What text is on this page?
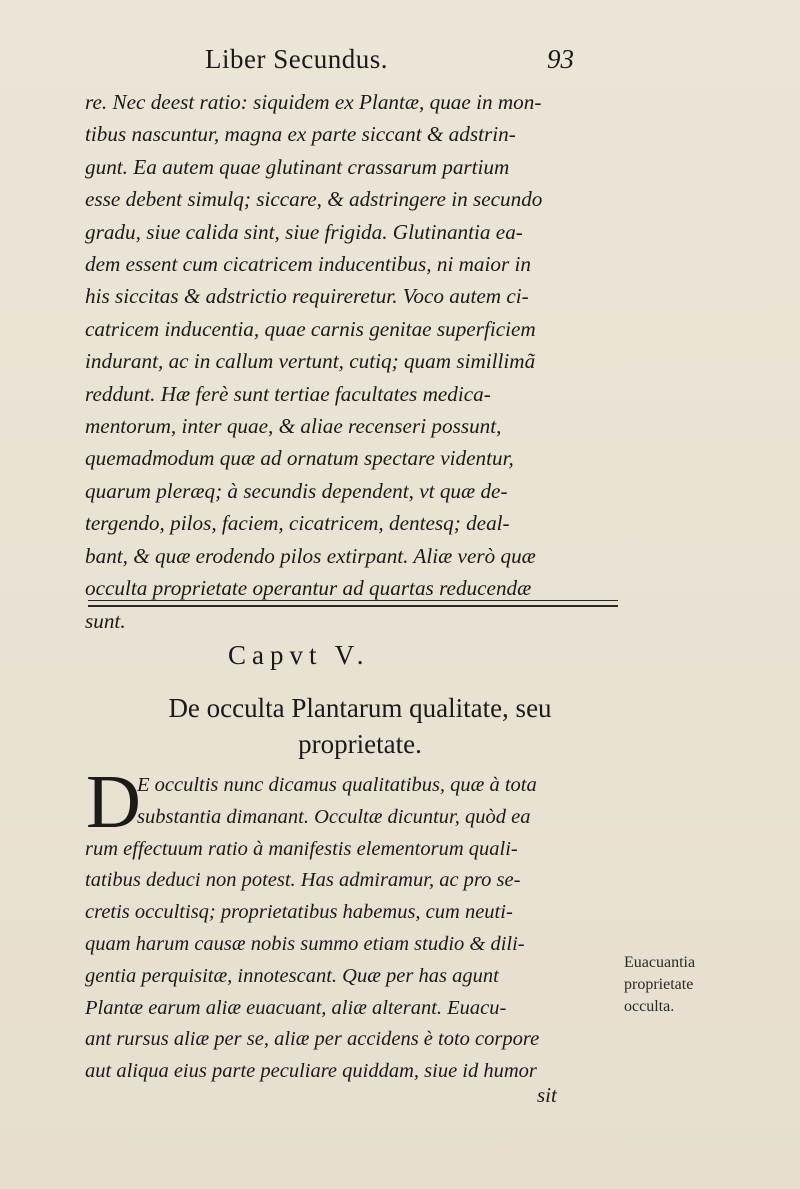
Liber Secundus.	93
re. Nec deest ratio: siquidem ex Plantæ, quae in mon-
tibus nascuntur, magna ex parte siccant & adstrin-
gunt. Ea autem quae glutinant crassarum partium
esse debent simulq; siccare, & adstringere in secundo
gradu, siue calida sint, siue frigida. Glutinantia ea-
dem essent cum cicatricem inducentibus, ni maior in
his siccitas & adstrictio requireretur. Voco autem ci-
catricem inducentia, quae carnis genitae superficiem
indurant, ac in callum vertunt, cutiq; quam simillimã
reddunt. Hæ ferè sunt tertiae facultates medica-
mentorum, inter quae, & aliae recenseri possunt,
quemadmodum quæ ad ornatum spectare videntur,
quarum pleræq; à secundis dependent, vt quæ de-
tergendo, pilos, faciem, cicatricem, dentesq; deal-
bant, & quæ erodendo pilos extirpant. Aliæ verò quæ
occulta proprietate operantur ad quartas reducendæ
sunt.
Capvt V.
De occulta Plantarum qualitate, seu
proprietate.
D
E occultis nunc dicamus qualitatibus, quæ à tota
substantia dimanant. Occultæ dicuntur, quòd ea
rum effectuum ratio à manifestis elementorum quali-
tatibus deduci non potest. Has admiramur, ac pro se-
cretis occultisq; proprietatibus habemus, cum neuti-
quam harum causæ nobis summo etiam studio & dili-
gentia perquisitæ, innotescant. Quæ per has agunt
Plantæ earum aliæ euacuant, aliæ alterant. Euacu-
ant rursus aliæ per se, aliæ per accidens è toto corpore
aut aliqua eius parte peculiare quiddam, siue id humor
sit
Euacuantia
proprietate
occulta.
